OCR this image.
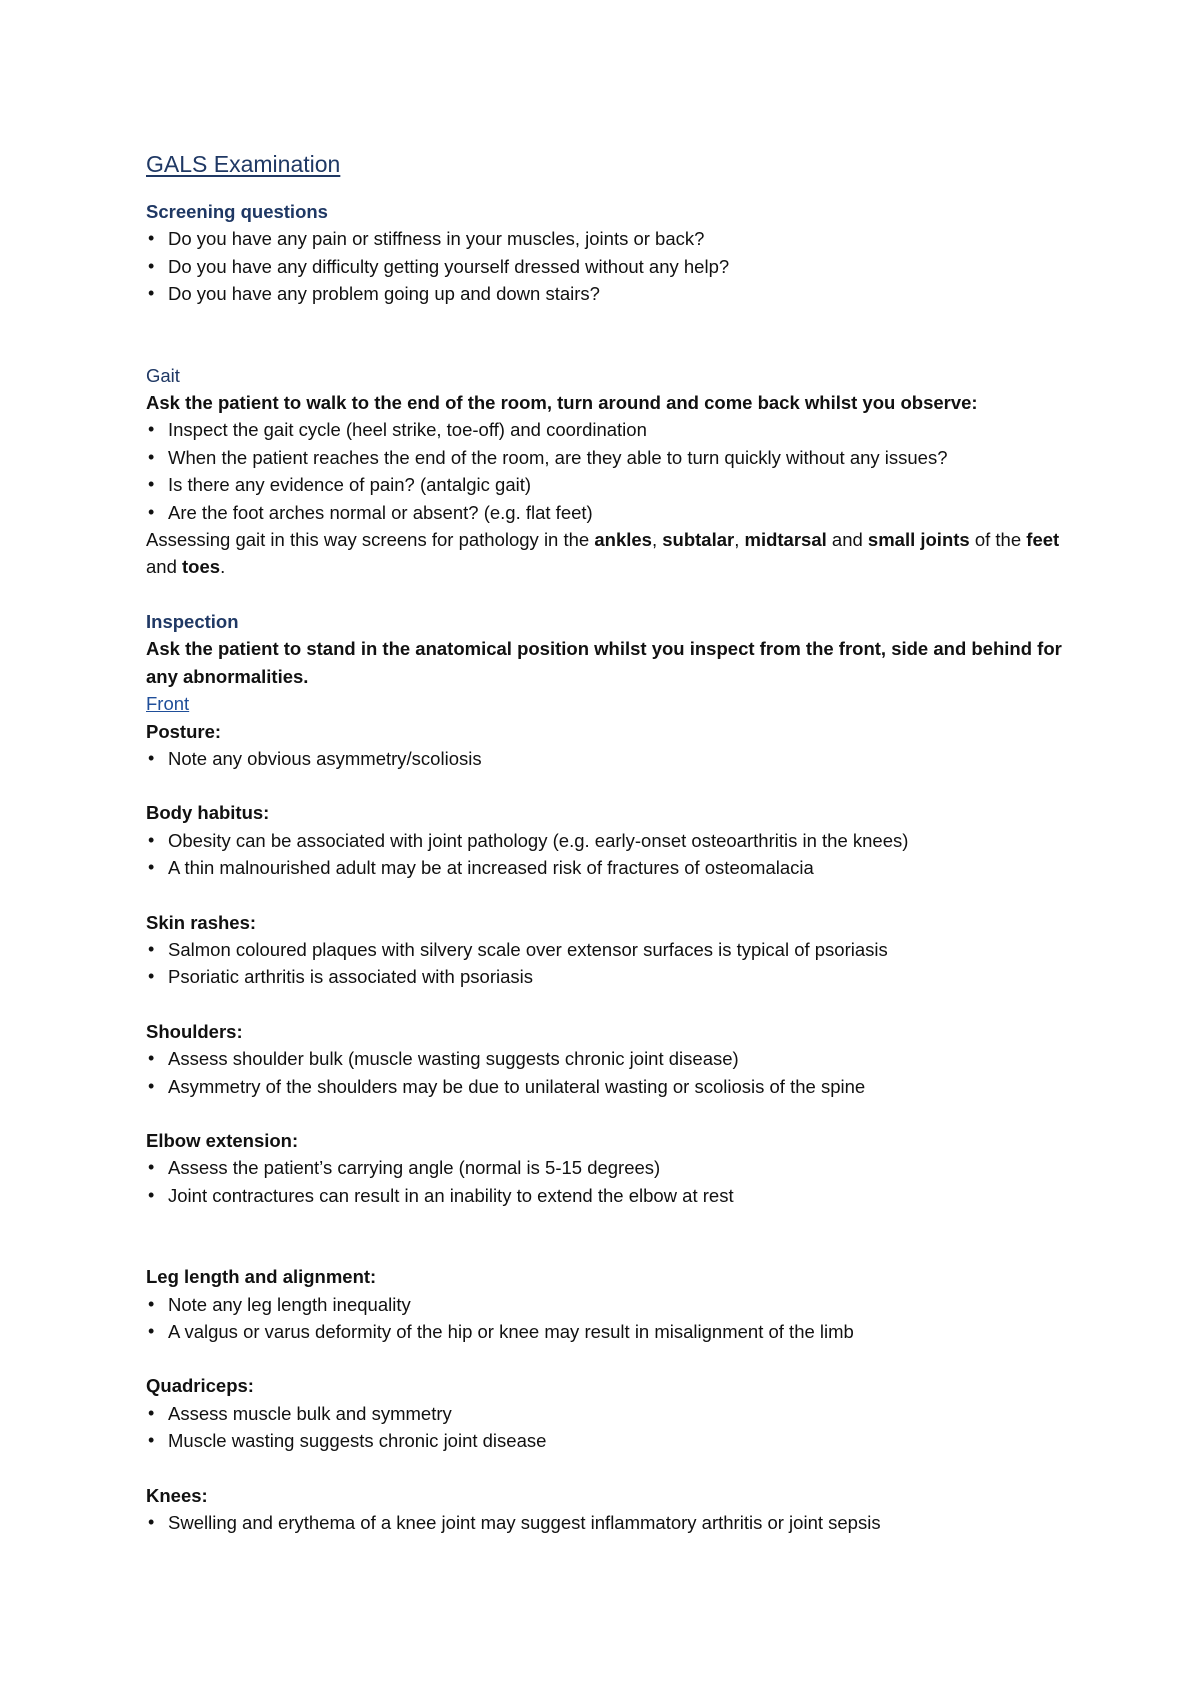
GALS Examination

Screening questions

• Do you have any pain or stiffness in your muscles, joints or back?
• Do you have any difficulty getting yourself dressed without any help?
• Do you have any problem going up and down stairs?

Gait

Ask the patient to walk to the end of the room, turn around and come back whilst you observe:

• Inspect the gait cycle (heel strike, toe-off) and coordination
• When the patient reaches the end of the room, are they able to turn quickly without any issues?
• Is there any evidence of pain? (antalgic gait)
• Are the foot arches normal or absent? (e.g. flat feet)

Assessing gait in this way screens for pathology in the ankles, subtalar, midtarsal and small joints of the feet and toes.

Inspection

Ask the patient to stand in the anatomical position whilst you inspect from the front, side and behind for any abnormalities.

Front

Posture:

• Note any obvious asymmetry/scoliosis

Body habitus:

• Obesity can be associated with joint pathology (e.g. early-onset osteoarthritis in the knees)
• A thin malnourished adult may be at increased risk of fractures of osteomalacia

Skin rashes:

• Salmon coloured plaques with silvery scale over extensor surfaces is typical of psoriasis
• Psoriatic arthritis is associated with psoriasis

Shoulders:

• Assess shoulder bulk (muscle wasting suggests chronic joint disease)
• Asymmetry of the shoulders may be due to unilateral wasting or scoliosis of the spine

Elbow extension:

• Assess the patient’s carrying angle (normal is 5-15 degrees)
• Joint contractures can result in an inability to extend the elbow at rest

Leg length and alignment:

• Note any leg length inequality
• A valgus or varus deformity of the hip or knee may result in misalignment of the limb

Quadriceps:

• Assess muscle bulk and symmetry
• Muscle wasting suggests chronic joint disease

Knees:

• Swelling and erythema of a knee joint may suggest inflammatory arthritis or joint sepsis
